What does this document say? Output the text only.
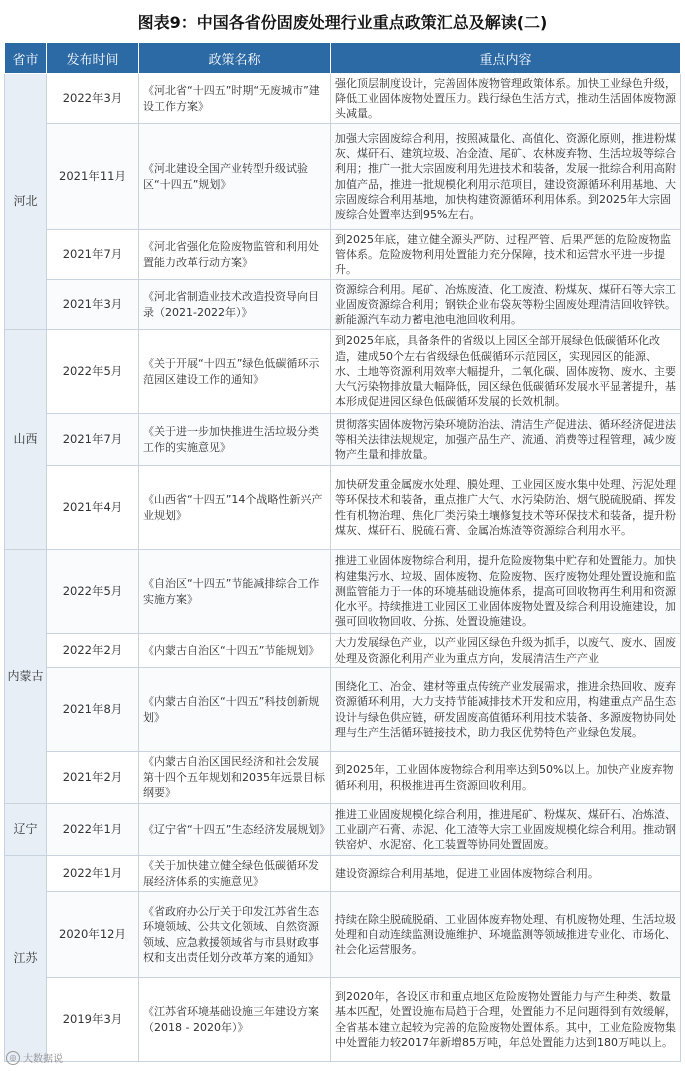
图表9：中国各省份固废处理行业重点政策汇总及解读(二)
省市	发布时间	政策名称	重点内容
河北	2022年3月	《河北省“十四五”时期“无废城市”建设工作方案》	强化顶层制度设计，完善固体废物管理政策体系。加快工业绿色升级，降低工业固体废物处置压力。践行绿色生活方式，推动生活固体废物源头减量。
	2021年11月	《河北建设全国产业转型升级试验区“十四五”规划》	加强大宗固废综合利用，按照减量化、高值化、资源化原则，推进粉煤灰、煤矸石、建筑垃圾、冶金渣、尾矿、农林废弃物、生活垃圾等综合利用；推广一批大宗固废利用先进技术和装备，发展一批综合利用高附加值产品，推进一批规模化利用示范项目，建设资源循环利用基地、大宗固废综合利用基地，加快构建资源循环利用体系。到2025年大宗固废综合处置率达到95%左右。
	2021年7月	《河北省强化危险废物监管和利用处置能力改革行动方案》	到2025年底，建立健全源头严防、过程严管、后果严惩的危险废物监管体系。危险废物利用处置能力充分保障，技术和运营水平进一步提升。
	2021年3月	《河北省制造业技术改造投资导向目录（2021-2022年）》	资源综合利用。尾矿、冶炼废渣、化工废渣、粉煤灰、煤矸石等大宗工业固废资源综合利用；钢铁企业布袋灰等粉尘固废处理清洁回收锌铁。新能源汽车动力蓄电池电池回收利用。
山西	2022年5月	《关于开展“十四五”绿色低碳循环示范园区建设工作的通知》	到2025年底，具备条件的省级以上园区全部开展绿色低碳循环化改造，建成50个左右省级绿色低碳循环示范园区，实现园区的能源、水、土地等资源利用效率大幅提升，二氧化碳、固体废物、废水、主要大气污染物排放量大幅降低，园区绿色低碳循环发展水平显著提升，基本形成促进园区绿色低碳循环发展的长效机制。
	2021年7月	《关于进一步加快推进生活垃圾分类工作的实施意见》	贯彻落实固体废物污染环境防治法、清洁生产促进法、循环经济促进法等相关法律法规规定，加强产品生产、流通、消费等过程管理，减少废物产生量和排放量。
	2021年4月	《山西省“十四五”14个战略性新兴产业规划》	加快研发重金属废水处理、膜处理、工业园区废水集中处理、污泥处理等环保技术和装备，重点推广大气、水污染防治、烟气脱硫脱硝、挥发性有机物治理、焦化厂类污染土壤修复技术等环保技术和装备，提升粉煤灰、煤矸石、脱硫石膏、金属冶炼渣等资源综合利用水平。
内蒙古	2022年5月	《自治区“十四五”节能减排综合工作实施方案》	推进工业固体废物综合利用，提升危险废物集中贮存和处置能力。加快构建集污水、垃圾、固体废物、危险废物、医疗废物处理处置设施和监测监管能力于一体的环境基础设施体系，提高可回收物再生利用和资源化水平。持续推进工业园区工业固体废物处置及综合利用设施建设，加强可回收物回收、分拣、处置设施建设。
	2022年2月	《内蒙古自治区“十四五”节能规划》	大力发展绿色产业，以产业园区绿色升级为抓手，以废气、废水、固废处理及资源化利用产业为重点方向，发展清洁生产产业
	2021年8月	《内蒙古自治区“十四五”科技创新规划》	围绕化工、冶金、建材等重点传统产业发展需求，推进余热回收、废弃资源循环利用，大力支持节能减排技术开发和应用，构建重点产品生态设计与绿色供应链，研发固废高值循环利用技术装备、多源废物协同处理与生产生活循环链接技术，助力我区优势特色产业绿色发展。
	2021年2月	《内蒙古自治区国民经济和社会发展第十四个五年规划和2035年远景目标纲要》	到2025年，工业固体废物综合利用率达到50%以上。加快产业废弃物循环利用，积极推进再生资源回收利用。
辽宁	2022年1月	《辽宁省“十四五”生态经济发展规划》	推进工业固废规模化综合利用，推进尾矿、粉煤灰、煤矸石、冶炼渣、工业副产石膏、赤泥、化工渣等大宗工业固废规模化综合利用。推动钢铁窑炉、水泥窑、化工装置等协同处置固废。
江苏	2022年1月	《关于加快建立健全绿色低碳循环发展经济体系的实施意见》	建设资源综合利用基地，促进工业固体废物综合利用。
	2020年12月	《省政府办公厅关于印发江苏省生态环境领域、公共文化领域、自然资源领域、应急救援领域省与市县财政事权和支出责任划分改革方案的通知》	持续在除尘脱硫脱硝、工业固体废弃物处理、有机废物处理、生活垃圾处理和自动连续监测设施维护、环境监测等领域推进专业化、市场化、社会化运营服务。
	2019年3月	《江苏省环境基础设施三年建设方案（2018 - 2020年）》	到2020年，各设区市和重点地区危险废物处置能力与产生种类、数量基本匹配，处置设施布局趋于合理，处置能力不足问题得到有效缓解，全省基本建立起较为完善的危险废物处置体系。其中，工业危险废物集中处置能力较2017年新增85万吨，年总处置能力达到180万吨以上。
◎ 大数据说
